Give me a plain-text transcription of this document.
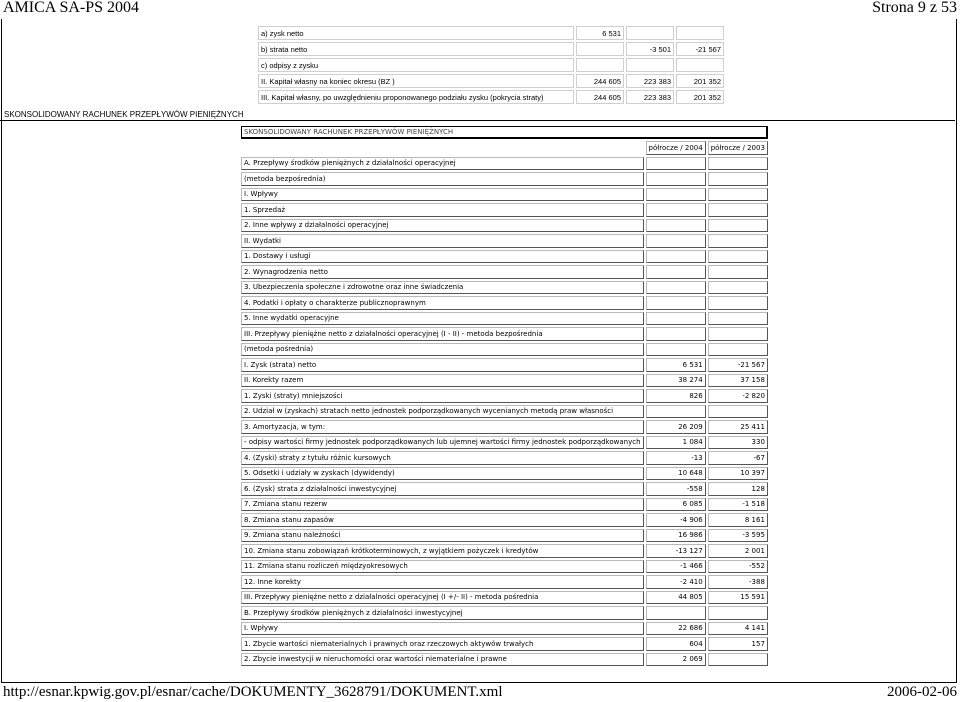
AMICA SA-PS 2004	Strona 9 z 53
a) zysk netto	6 531		
b) strata netto		-3 501	-21 567
c) odpisy z zysku			
II. Kapitał własny na koniec okresu (BZ )	244 605	223 383	201 352
III. Kapitał własny, po uwzględnieniu proponowanego podziału zysku (pokrycia straty)	244 605	223 383	201 352
SKONSOLIDOWANY RACHUNEK PRZEPŁYWÓW PIENIĘŻNYCH
SKONSOLIDOWANY RACHUNEK PRZEPŁYWÓW PIENIĘŻNYCH		
	półrocze / 2004	półrocze / 2003
A. Przepływy środków pieniężnych z działalności operacyjnej		
(metoda bezpośrednia)		
I. Wpływy		
1. Sprzedaż		
2. Inne wpływy z działalności operacyjnej		
II. Wydatki		
1. Dostawy i usługi		
2. Wynagrodzenia netto		
3. Ubezpieczenia społeczne i zdrowotne oraz inne świadczenia		
4. Podatki i opłaty o charakterze publicznoprawnym		
5. Inne wydatki operacyjne		
III. Przepływy pieniężne netto z działalności operacyjnej (I - II) - metoda bezpośrednia		
(metoda pośrednia)		
I. Zysk (strata) netto	6 531	-21 567
II. Korekty razem	38 274	37 158
1. Zyski (straty) mniejszości	826	-2 820
2. Udział w (zyskach) stratach netto jednostek podporządkowanych wycenianych metodą praw własności		
3. Amortyzacja, w tym:	26 209	25 411
- odpisy wartości firmy jednostek podporządkowanych lub ujemnej wartości firmy jednostek podporządkowanych	1 084	330
4. (Zyski) straty z tytułu różnic kursowych	-13	-67
5. Odsetki i udziały w zyskach (dywidendy)	10 648	10 397
6. (Zysk) strata z działalności inwestycyjnej	-558	128
7. Zmiana stanu rezerw	6 085	-1 518
8. Zmiana stanu zapasów	-4 906	8 161
9. Zmiana stanu należności	16 986	-3 595
10. Zmiana stanu zobowiązań krótkoterminowych, z wyjątkiem pożyczek i kredytów	-13 127	2 001
11. Zmiana stanu rozliczeń międzyokresowych	-1 466	-552
12. Inne korekty	-2 410	-388
III. Przepływy pieniężne netto z działalności operacyjnej (I +/- II) - metoda pośrednia	44 805	15 591
B. Przepływy środków pieniężnych z działalności inwestycyjnej		
I. Wpływy	22 686	4 141
1. Zbycie wartości niematerialnych i prawnych oraz rzeczowych aktywów trwałych	604	157
2. Zbycie inwestycji w nieruchomości oraz wartości niematerialne i prawne	2 069	
http://esnar.kpwig.gov.pl/esnar/cache/DOKUMENTY_3628791/DOKUMENT.xml	2006-02-06
